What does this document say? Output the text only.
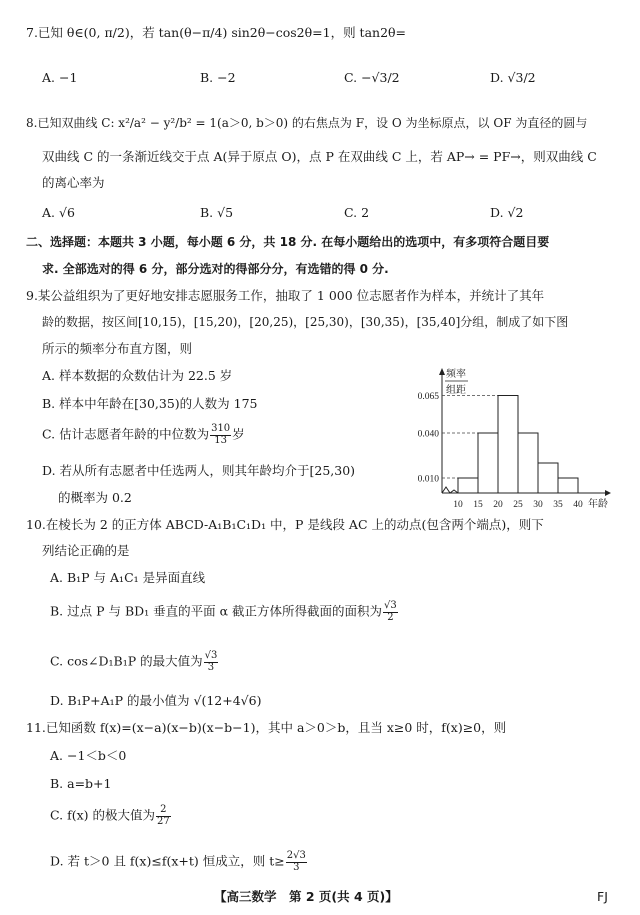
7.已知 θ∈(0, π/2)，若 tan(θ−π/4) sin2θ−cos2θ=1，则 tan2θ=
A. −1	B. −2	C. −√3/2	D. √3/2
8.已知双曲线 C: x²/a² − y²/b² = 1(a＞0, b＞0) 的右焦点为 F，设 O 为坐标原点，以 OF 为直径的圆与
双曲线 C 的一条渐近线交于点 A(异于原点 O)，点 P 在双曲线 C 上，若 AP→ = PF→，则双曲线 C
的离心率为
A. √6	B. √5	C. 2	D. √2
二、选择题：本题共 3 小题，每小题 6 分，共 18 分. 在每小题给出的选项中，有多项符合题目要
求. 全部选对的得 6 分，部分选对的得部分分，有选错的得 0 分.
9.某公益组织为了更好地安排志愿服务工作，抽取了 1 000 位志愿者作为样本，并统计了其年
龄的数据，按区间[10,15)，[15,20)，[20,25)，[25,30)，[30,35)，[35,40]分组，制成了如下图
所示的频率分布直方图，则
A. 样本数据的众数估计为 22.5 岁
B. 样本中年龄在[30,35)的人数为 175
C. 估计志愿者年龄的中位数为 $\frac{310}{13}$ 岁
D. 若从所有志愿者中任选两人，则其年龄均介于[25,30)
的概率为 0.2
频率
组距
0.010
0.040
0.065
10 15 20 25 30 35 40 年龄
10.在棱长为 2 的正方体 ABCD-A₁B₁C₁D₁ 中，P 是线段 AC 上的动点(包含两个端点)，则下
列结论正确的是
A. B₁P 与 A₁C₁ 是异面直线
B. 过点 P 与 BD₁ 垂直的平面 α 截正方体所得截面的面积为 $\frac{√3}{2}$
C. cos∠D₁B₁P 的最大值为 $\frac{√3}{3}$
D. B₁P+A₁P 的最小值为 √(12+4√6)
11.已知函数 f(x)=(x−a)(x−b)(x−b−1)，其中 a＞0＞b，且当 x≥0 时，f(x)≥0，则
A. −1＜b＜0
B. a=b+1
C. f(x) 的极大值为 $\frac{2}{27}$
D. 若 t＞0 且 f(x)≤f(x+t) 恒成立，则 $t\ge \frac{2√3}{3}$
【高三数学　第 2 页(共 4 页)】	FJ
